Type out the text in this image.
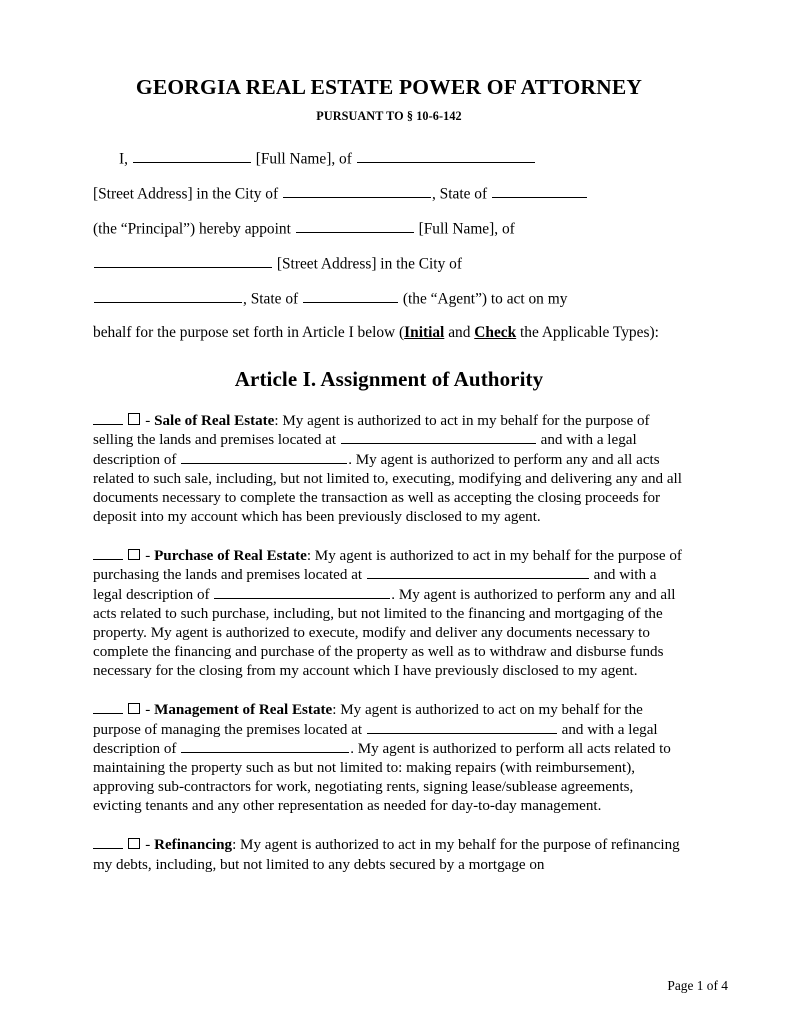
GEORGIA REAL ESTATE POWER OF ATTORNEY
PURSUANT TO § 10-6-142

I,	[Full Name], of

[Street Address] in the City of	, State of

(the “Principal”) hereby appoint	[Full Name], of

[Street Address] in the City of

, State of	(the “Agent”) to act on my

behalf for the purpose set forth in Article I below (Initial and Check the Applicable Types):

Article I. Assignment of Authority

- Sale of Real Estate: My agent is authorized to act in my behalf for the purpose of selling the lands and premises located at	and with a legal description of	. My agent is authorized to perform any and all acts related to such sale, including, but not limited to, executing, modifying and delivering any and all documents necessary to complete the transaction as well as accepting the closing proceeds for deposit into my account which has been previously disclosed to my agent.

- Purchase of Real Estate: My agent is authorized to act in my behalf for the purpose of purchasing the lands and premises located at	and with a legal description of	. My agent is authorized to perform any and all acts related to such purchase, including, but not limited to the financing and mortgaging of the property. My agent is authorized to execute, modify and deliver any documents necessary to complete the financing and purchase of the property as well as to withdraw and disburse funds necessary for the closing from my account which I have previously disclosed to my agent.

- Management of Real Estate: My agent is authorized to act on my behalf for the purpose of managing the premises located at	and with a legal description of	. My agent is authorized to perform all acts related to maintaining the property such as but not limited to: making repairs (with reimbursement), approving sub-contractors for work, negotiating rents, signing lease/sublease agreements, evicting tenants and any other representation as needed for day-to-day management.

- Refinancing: My agent is authorized to act in my behalf for the purpose of refinancing my debts, including, but not limited to any debts secured by a mortgage on

Page 1 of 4
